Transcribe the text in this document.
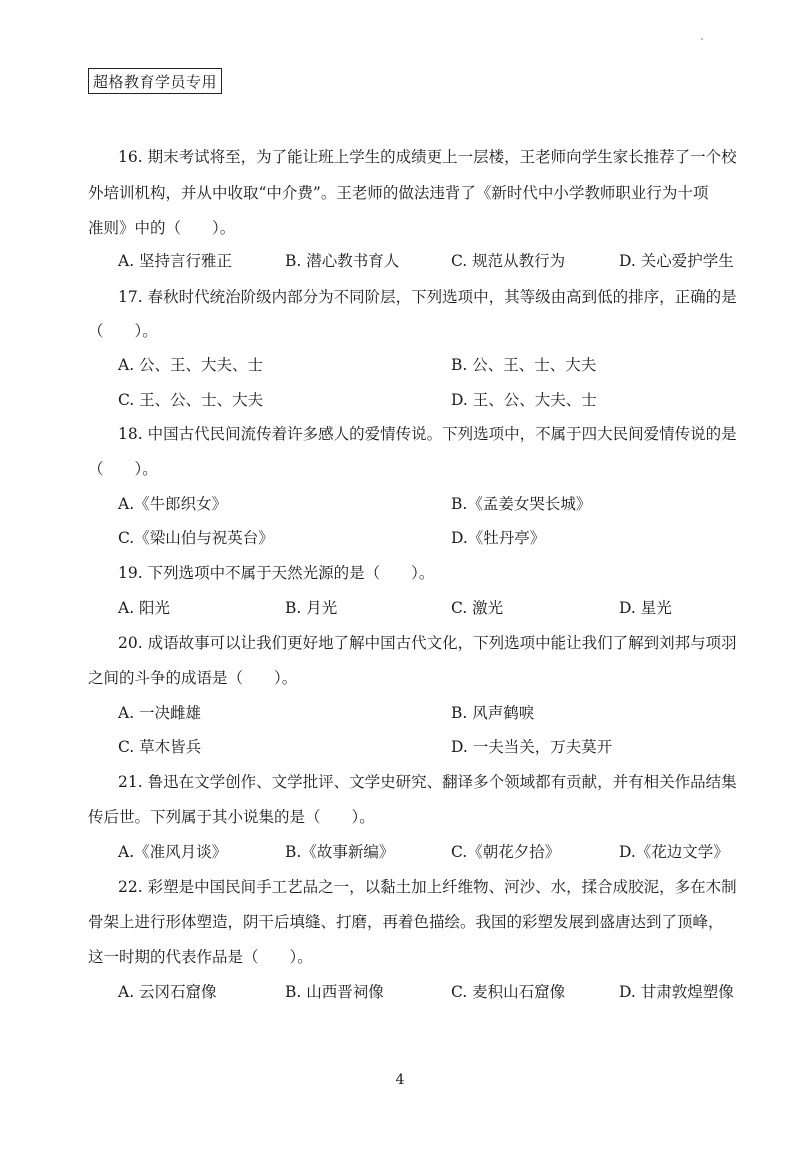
超格教育学员专用
16. 期末考试将至，为了能让班上学生的成绩更上一层楼，王老师向学生家长推荐了一个校
外培训机构，并从中收取“中介费”。王老师的做法违背了《新时代中小学教师职业行为十项
准则》中的（　　）。
A. 坚持言行雅正	B. 潜心教书育人	C. 规范从教行为	D. 关心爱护学生
17. 春秋时代统治阶级内部分为不同阶层，下列选项中，其等级由高到低的排序，正确的是
（　　）。
A. 公、王、大夫、士	B. 公、王、士、大夫
C. 王、公、士、大夫	D. 王、公、大夫、士
18. 中国古代民间流传着许多感人的爱情传说。下列选项中，不属于四大民间爱情传说的是
（　　）。
A.《牛郎织女》	B.《孟姜女哭长城》
C.《梁山伯与祝英台》	D.《牡丹亭》
19. 下列选项中不属于天然光源的是（　　）。
A. 阳光	B. 月光	C. 激光	D. 星光
20. 成语故事可以让我们更好地了解中国古代文化，下列选项中能让我们了解到刘邦与项羽
之间的斗争的成语是（　　）。
A. 一决雌雄	B. 风声鹤唳
C. 草木皆兵	D. 一夫当关，万夫莫开
21. 鲁迅在文学创作、文学批评、文学史研究、翻译多个领域都有贡献，并有相关作品结集
传后世。下列属于其小说集的是（　　）。
A.《准风月谈》	B.《故事新编》	C.《朝花夕拾》	D.《花边文学》
22. 彩塑是中国民间手工艺品之一，以黏土加上纤维物、河沙、水，揉合成胶泥，多在木制
骨架上进行形体塑造，阴干后填缝、打磨，再着色描绘。我国的彩塑发展到盛唐达到了顶峰，
这一时期的代表作品是（　　）。
A. 云冈石窟像	B. 山西晋祠像	C. 麦积山石窟像	D. 甘肃敦煌塑像
4
